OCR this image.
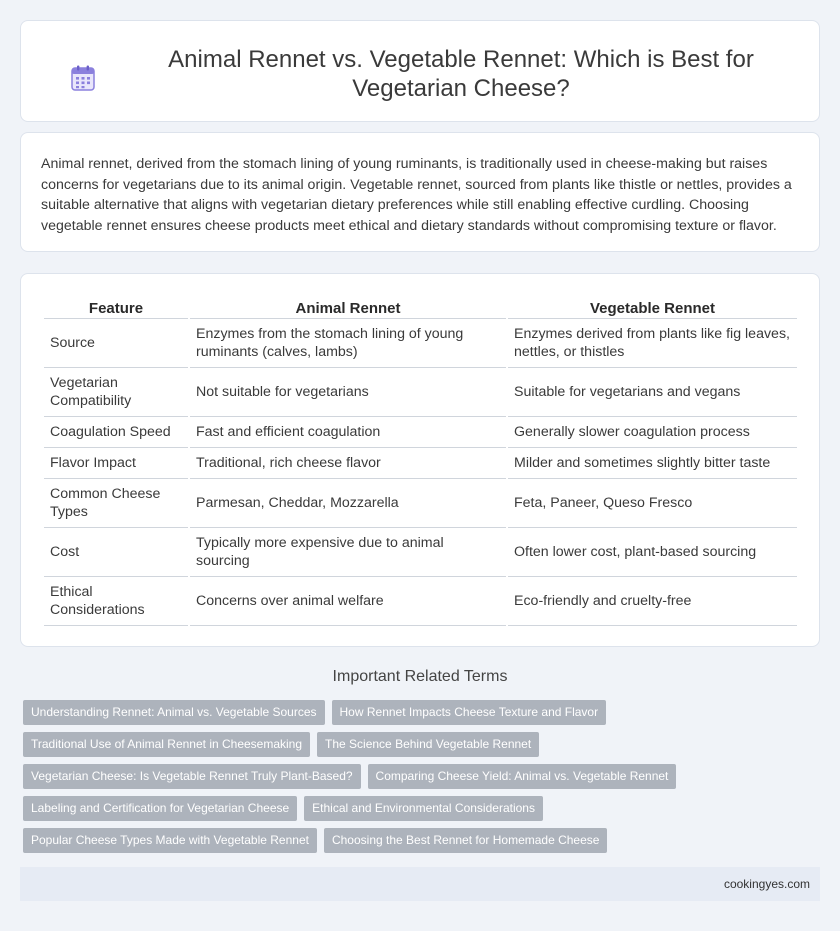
Animal Rennet vs. Vegetable Rennet: Which is Best for Vegetarian Cheese?

Animal rennet, derived from the stomach lining of young ruminants, is traditionally used in cheese-making but raises concerns for vegetarians due to its animal origin. Vegetable rennet, sourced from plants like thistle or nettles, provides a suitable alternative that aligns with vegetarian dietary preferences while still enabling effective curdling. Choosing vegetable rennet ensures cheese products meet ethical and dietary standards without compromising texture or flavor.

Feature	Animal Rennet	Vegetable Rennet
Source	Enzymes from the stomach lining of young ruminants (calves, lambs)	Enzymes derived from plants like fig leaves, nettles, or thistles
Vegetarian Compatibility	Not suitable for vegetarians	Suitable for vegetarians and vegans
Coagulation Speed	Fast and efficient coagulation	Generally slower coagulation process
Flavor Impact	Traditional, rich cheese flavor	Milder and sometimes slightly bitter taste
Common Cheese Types	Parmesan, Cheddar, Mozzarella	Feta, Paneer, Queso Fresco
Cost	Typically more expensive due to animal sourcing	Often lower cost, plant-based sourcing
Ethical Considerations	Concerns over animal welfare	Eco-friendly and cruelty-free
Important Related Terms
Understanding Rennet: Animal vs. Vegetable Sources	How Rennet Impacts Cheese Texture and Flavor
Traditional Use of Animal Rennet in Cheesemaking	The Science Behind Vegetable Rennet
Vegetarian Cheese: Is Vegetable Rennet Truly Plant-Based?	Comparing Cheese Yield: Animal vs. Vegetable Rennet
Labeling and Certification for Vegetarian Cheese	Ethical and Environmental Considerations
Popular Cheese Types Made with Vegetable Rennet	Choosing the Best Rennet for Homemade Cheese
cookingyes.com
